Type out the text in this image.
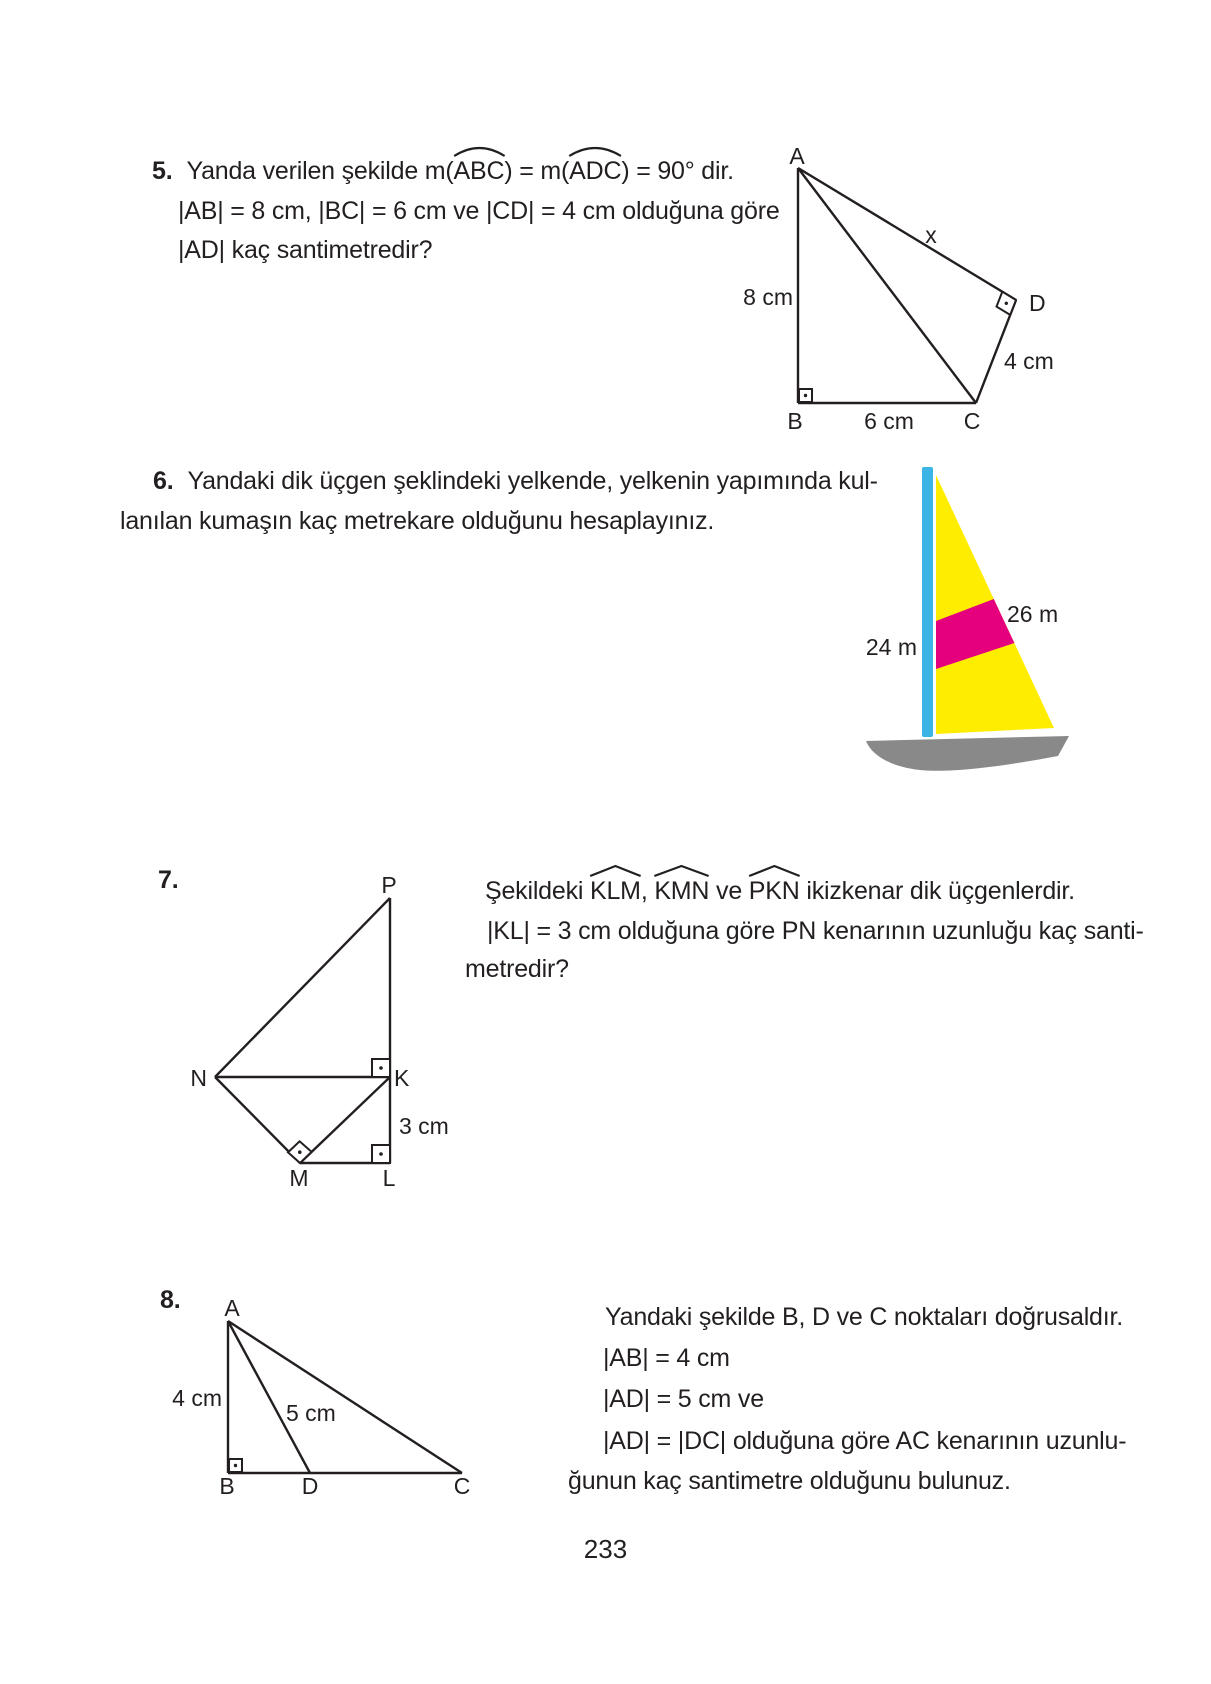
5. Yanda verilen şekilde m(
ABC) = m(
ADC) = 90° dir.
|AB| = 8 cm, |BC| = 6 cm ve |CD| = 4 cm olduğuna göre
|AD| kaç santimetredir?
A
B	C
D
8 cm
6 cm
4 cm
x
6. Yandaki dik üçgen şeklindeki yelkende, yelkenin yapımında kul-
lanılan kumaşın kaç metrekare olduğunu hesaplayınız.
24 m
26 m
7.	P
N	K
M	L
3 cm
Şekildeki
KLM,
KMN ve
PKN ikizkenar dik üçgenlerdir.
|KL| = 3 cm olduğuna göre PN kenarının uzunluğu kaç santi-
metredir?
8. A
B	D	C
4 cm
5 cm
Yandaki şekilde B, D ve C noktaları doğrusaldır.
|AB| = 4 cm
|AD| = 5 cm ve
|AD| = |DC| olduğuna göre AC kenarının uzunlu-
ğunun kaç santimetre olduğunu bulunuz.
233
